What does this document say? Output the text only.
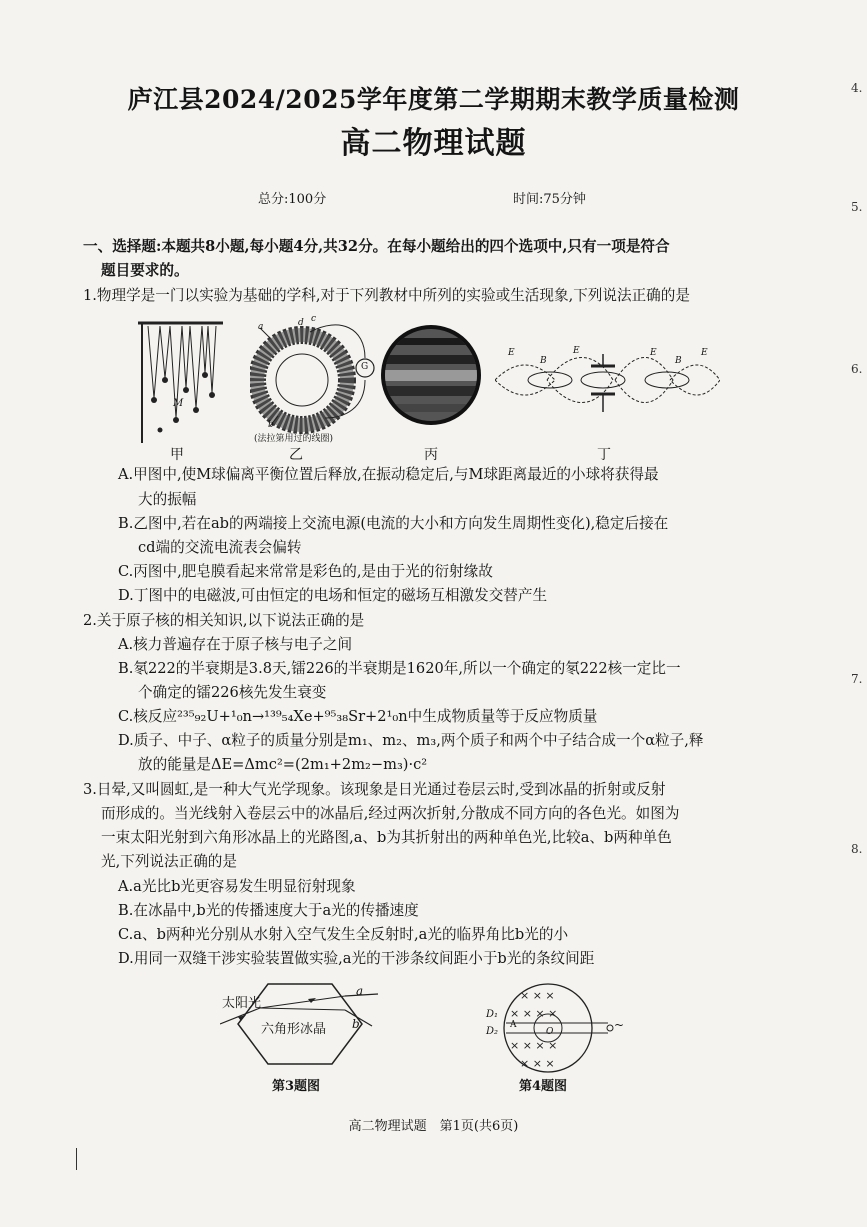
庐江县2024/2025学年度第二学期期末教学质量检测
高二物理试题
总分:100分	时间:75分钟
一、选择题:本题共8小题,每小题4分,共32分。在每小题给出的四个选项中,只有一项是符合
题目要求的。
1.物理学是一门以实验为基础的学科,对于下列教材中所列的实验或生活现象,下列说法正确的是
M
甲
a
c
d
b
G
(法拉第用过的线圈)
乙	丙
E
B
E	E
B
E
丁
A.甲图中,使M球偏离平衡位置后释放,在振动稳定后,与M球距离最近的小球将获得最
大的振幅
B.乙图中,若在ab的两端接上交流电源(电流的大小和方向发生周期性变化),稳定后接在
cd端的交流电流表会偏转
C.丙图中,肥皂膜看起来常常是彩色的,是由于光的衍射缘故
D.丁图中的电磁波,可由恒定的电场和恒定的磁场互相激发交替产生
2.关于原子核的相关知识,以下说法正确的是
A.核力普遍存在于原子核与电子之间
B.氡222的半衰期是3.8天,镭226的半衰期是1620年,所以一个确定的氡222核一定比一
个确定的镭226核先发生衰变
C.核反应²³⁵₉₂U+¹₀n→¹³⁹₅₄Xe+⁹⁵₃₈Sr+2¹₀n中生成物质量等于反应物质量
D.质子、中子、α粒子的质量分别是m₁、m₂、m₃,两个质子和两个中子结合成一个α粒子,释
放的能量是ΔE=Δmc²=(2m₁+2m₂−m₃)·c²
3.日晕,又叫圆虹,是一种大气光学现象。该现象是日光通过卷层云时,受到冰晶的折射或反射
而形成的。当光线射入卷层云中的冰晶后,经过两次折射,分散成不同方向的各色光。如图为
一束太阳光射到六角形冰晶上的光路图,a、b为其折射出的两种单色光,比较a、b两种单色
光,下列说法正确的是
A.a光比b光更容易发生明显衍射现象
B.在冰晶中,b光的传播速度大于a光的传播速度
C.a、b两种光分别从水射入空气发生全反射时,a光的临界角比b光的小
D.用同一双缝干涉实验装置做实验,a光的干涉条纹间距小于b光的条纹间距
太阳光
六角形冰晶
a
b
第3题图
× × ×
× × × ×
× × × ×
× × ×
D₁
D₂
A
O	~
第4题图
4.
5.
6.
7.
8.
高二物理试题　第1页(共6页)
